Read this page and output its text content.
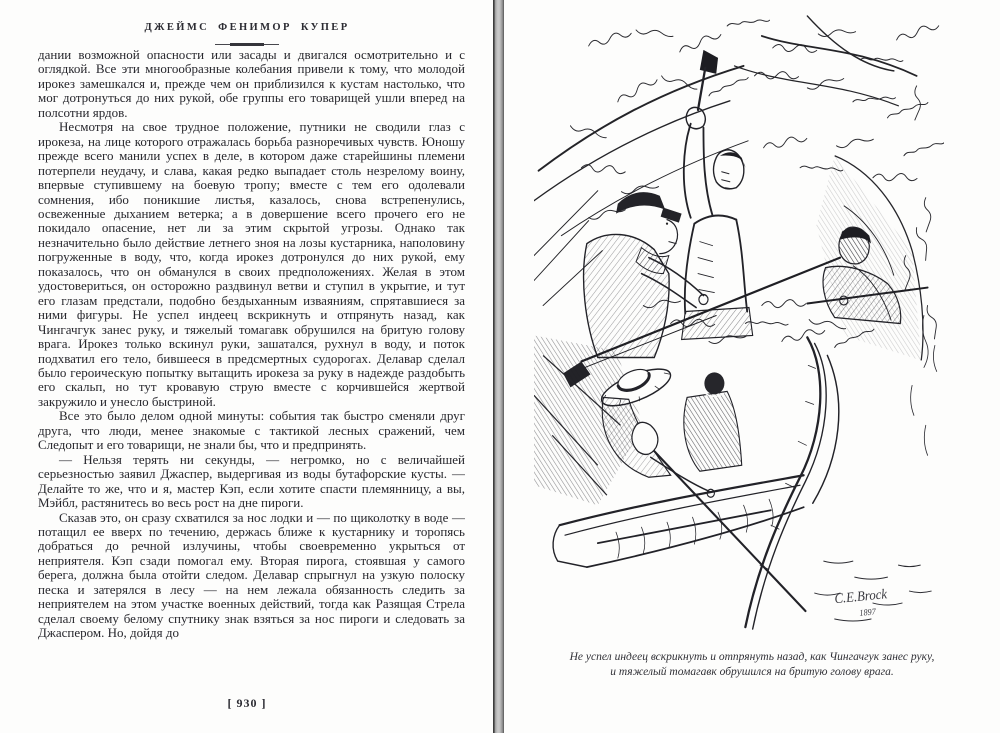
ДЖЕЙМС ФЕНИМОР КУПЕР

дании возможной опасности или засады и двигался осмотрительно и с оглядкой. Все эти многообразные колебания привели к тому, что молодой ирокез замешкался и, прежде чем он приблизился к кустам настолько, что мог дотронуться до них рукой, обе группы его товарищей ушли вперед на полсотни ярдов.

Несмотря на свое трудное положение, путники не сводили глаз с ирокеза, на лице которого отражалась борьба разноречивых чувств. Юношу прежде всего манили успех в деле, в котором даже старейшины племени потерпели неудачу, и слава, какая редко выпадает столь незрелому воину, впервые ступившему на боевую тропу; вместе с тем его одолевали сомнения, ибо поникшие листья, казалось, снова встрепенулись, освеженные дыханием ветерка; а в довершение всего прочего его не покидало опасение, нет ли за этим скрытой угрозы. Однако так незначительно было действие летнего зноя на лозы кустарника, наполовину погруженные в воду, что, когда ирокез дотронулся до них рукой, ему показалось, что он обманулся в своих предположениях. Желая в этом удостовериться, он осторожно раздвинул ветви и ступил в укрытие, и тут его глазам предстали, подобно бездыханным изваяниям, спрятавшиеся за ними фигуры. Не успел индеец вскрикнуть и отпрянуть назад, как Чингачгук занес руку, и тяжелый томагавк обрушился на бритую голову врага. Ирокез только вскинул руки, зашатался, рухнул в воду, и поток подхватил его тело, бившееся в предсмертных судорогах. Делавар сделал было героическую попытку вытащить ирокеза за руку в надежде раздобыть его скальп, но тут кровавую струю вместе с корчившейся жертвой закружило и унесло быстриной.

Все это было делом одной минуты: события так быстро сменяли друг друга, что люди, менее знакомые с тактикой лесных сражений, чем Следопыт и его товарищи, не знали бы, что и предпринять.

— Нельзя терять ни секунды, — негромко, но с величайшей серьезностью заявил Джаспер, выдергивая из воды бутафорские кусты. — Делайте то же, что и я, мастер Кэп, если хотите спасти племянницу, а вы, Мэйбл, растянитесь во весь рост на дне пироги.

Сказав это, он сразу схватился за нос лодки и — по щиколотку в воде — потащил ее вверх по течению, держась ближе к кустарнику и торопясь добраться до речной излучины, чтобы своевременно укрыться от неприятеля. Кэп сзади помогал ему. Вторая пирога, стоявшая у самого берега, должна была отойти следом. Делавар спрыгнул на узкую полоску песка и затерялся в лесу — на нем лежала обязанность следить за неприятелем на этом участке военных действий, тогда как Разящая Стрела сделал своему белому спутнику знак взяться за нос пироги и следовать за Джаспером. Но, дойдя до

[ 930 ]
C.E.Brock
1897
Не успел индеец вскрикнуть и отпрянуть назад, как Чингачгук занес руку,
и тяжелый томагавк обрушился на бритую голову врага.
